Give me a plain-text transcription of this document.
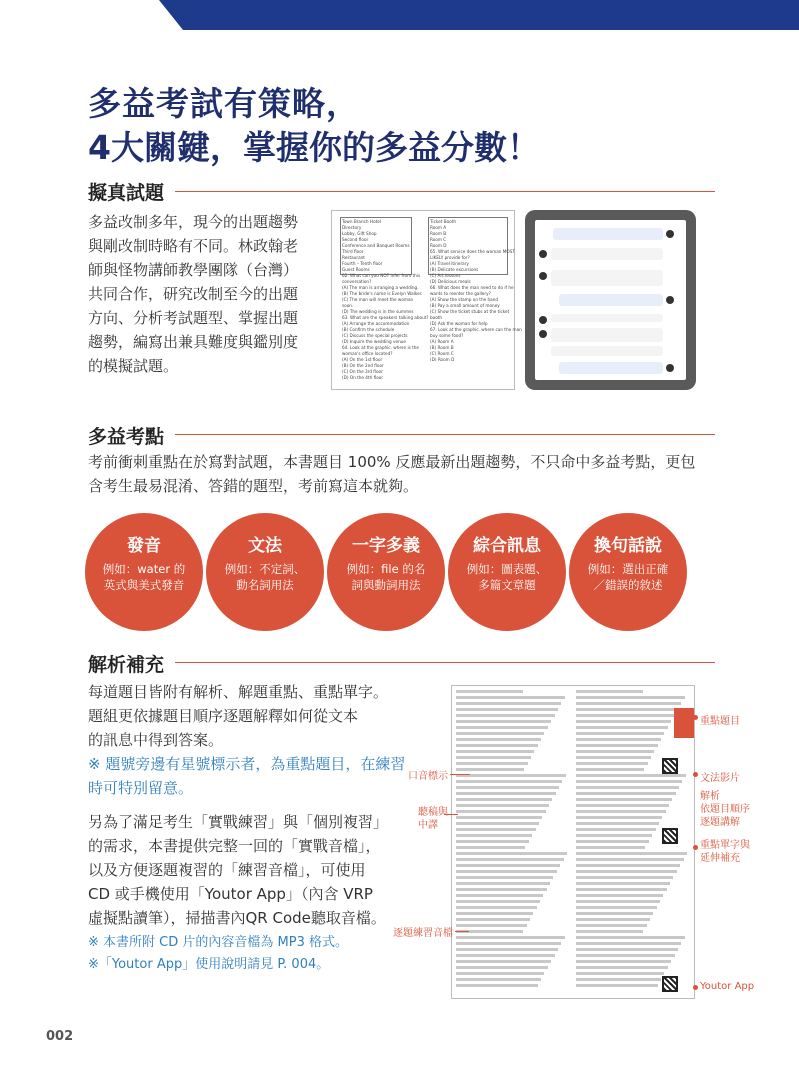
多益考試有策略，
4大關鍵，掌握你的多益分數！
擬真試題
多益改制多年，現今的出題趨勢
與剛改制時略有不同。林政翰老
師與怪物講師教學團隊（台灣）
共同合作，研究改制至今的出題
方向、分析考試題型、掌握出題
趨勢，編寫出兼具難度與鑑別度
的模擬試題。
Town Branch Hotel
Directory
Lobby, Gift Shop
Second floor
Conference and Banquet Rooms
Third floor
Restaurant
Fourth – Tenth floor
Guest Rooms
62. What can you NOT infer from this
conversation?
(A) The man is arranging a wedding.
(B) The bride's name is Evelyn Walker.
(C) The man will meet the woman
soon.
(D) The wedding is in the summer.
63. What are the speakers talking about?
(A) Arrange the accommodation
(B) Confirm the schedule
(C) Discuss the special projects
(D) Inquire the wedding venue
64. Look at the graphic. where is the
woman's office located?
(A) On the 1st floor
(B) On the 2nd floor
(C) On the 3rd floor
(D) On the 4th floor
Ticket Booth
Room A
Room B
Room C
Room D
65. What service does the woman MOST
LIKELY provide for?
(A) Travel itinerary
(B) Delicate excursions
(C) Art lessons
(D) Delicious meals
66. What does the man need to do if he
wants to reenter the gallery?
(A) Show the stamp on the hand
(B) Pay a small amount of money
(C) Show the ticket stubs at the ticket
booth
(D) Ask the woman for help
67. Look at the graphic. where can the man
buy some food?
(A) Room A
(B) Room B
(C) Room C
(D) Room D
多益考點
考前衝刺重點在於寫對試題，本書題目 100% 反應最新出題趨勢，不只命中多益考點，更包
含考生最易混淆、答錯的題型，考前寫這本就夠。
發音
例如：water 的
英式與美式發音
文法
例如：不定詞、
動名詞用法
一字多義
例如：file 的名
詞與動詞用法
綜合訊息
例如：圖表題、
多篇文章題
換句話說
例如：選出正確
／錯誤的敘述
解析補充
每道題目皆附有解析、解題重點、重點單字。
題組更依據題目順序逐題解釋如何從文本
的訊息中得到答案。
※ 題號旁邊有星號標示者，為重點題目，在練習
時可特別留意。
另為了滿足考生「實戰練習」與「個別複習」
的需求，本書提供完整一回的「實戰音檔」，
以及方便逐題複習的「練習音檔」，可使用
CD 或手機使用「Youtor App」（內含 VRP
虛擬點讀筆），掃描書內QR Code聽取音檔。
※ 本書所附 CD 片的內容音檔為 MP3 格式。
※「Youtor App」使用說明請見 P. 004。
口音標示
聽稿與
中譯
逐題練習音檔
重點題目
文法影片
解析
依題目順序
逐題講解
重點單字與
延伸補充
Youtor App
002
